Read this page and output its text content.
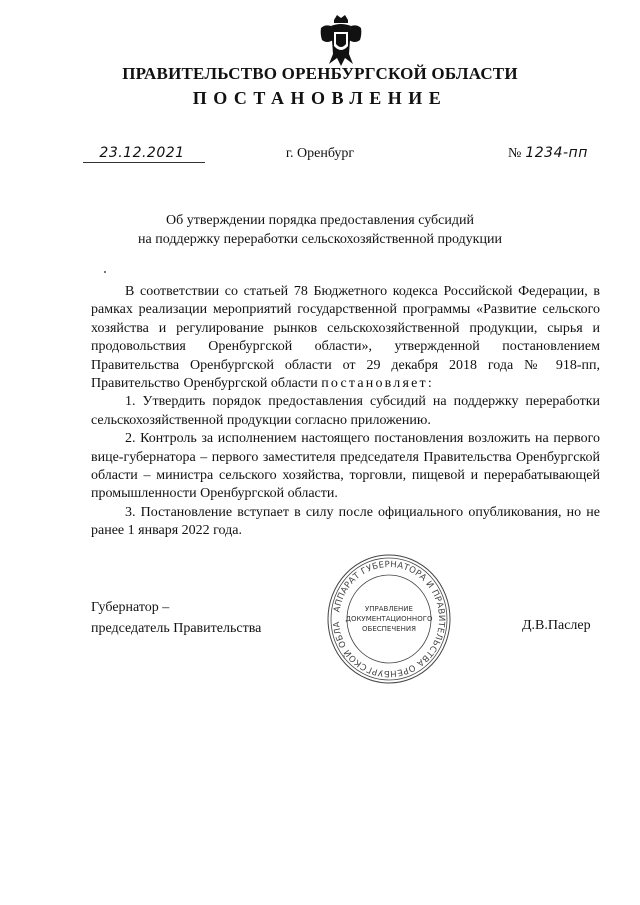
ПРАВИТЕЛЬСТВО ОРЕНБУРГСКОЙ ОБЛАСТИ
ПОСТАНОВЛЕНИЕ
23.12.2021	г. Оренбург	№ 1234-пп
Об утверждении порядка предоставления субсидий
на поддержку переработки сельскохозяйственной продукции

В соответствии со статьей 78 Бюджетного кодекса Российской Федерации, в рамках реализации мероприятий государственной программы «Развитие сельского хозяйства и регулирование рынков сельскохозяйственной продукции, сырья и продовольствия Оренбургской области», утвержденной постановлением Правительства Оренбургской области от 29 декабря 2018 года № 918-пп, Правительство Оренбургской области постановляет:

1. Утвердить порядок предоставления субсидий на поддержку переработки сельскохозяйственной продукции согласно приложению.

2. Контроль за исполнением настоящего постановления возложить на первого вице-губернатора – первого заместителя председателя Правительства Оренбургской области – министра сельского хозяйства, торговли, пищевой и перерабатывающей промышленности Оренбургской области.

3. Постановление вступает в силу после официального опубликования, но не ранее 1 января 2022 года.

Губернатор –
председатель Правительства	Д.В.Паслер
АППАРАТ ГУБЕРНАТОРА И ПРАВИТЕЛЬСТВА ОРЕНБУРГСКОЙ ОБЛА
УПРАВЛЕНИЕ
ДОКУМЕНТАЦИОННОГО
ОБЕСПЕЧЕНИЯ
